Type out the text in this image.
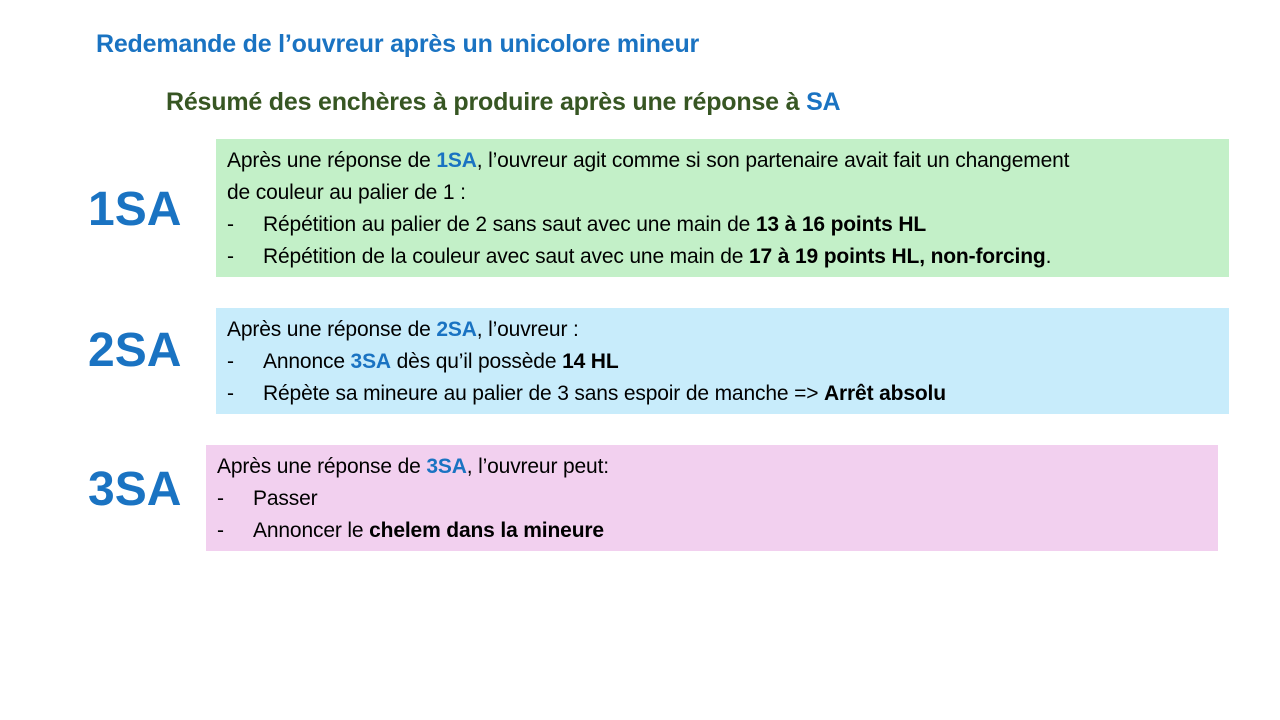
Redemande de l’ouvreur après un unicolore mineur
Résumé des enchères à produire après une réponse à SA
1SA
Après une réponse de 1SA, l’ouvreur agit comme si son partenaire avait fait un changement
de couleur au palier de 1 :
- Répétition au palier de 2 sans saut avec une main de 13 à 16 points HL
- Répétition de la couleur avec saut avec une main de 17 à 19 points HL, non-forcing.
2SA Après une réponse de 2SA, l’ouvreur :
- Annonce 3SA dès qu’il possède 14 HL
- Répète sa mineure au palier de 3 sans espoir de manche => Arrêt absolu
3SA Après une réponse de 3SA, l’ouvreur peut:
- Passer
- Annoncer le chelem dans la mineure
